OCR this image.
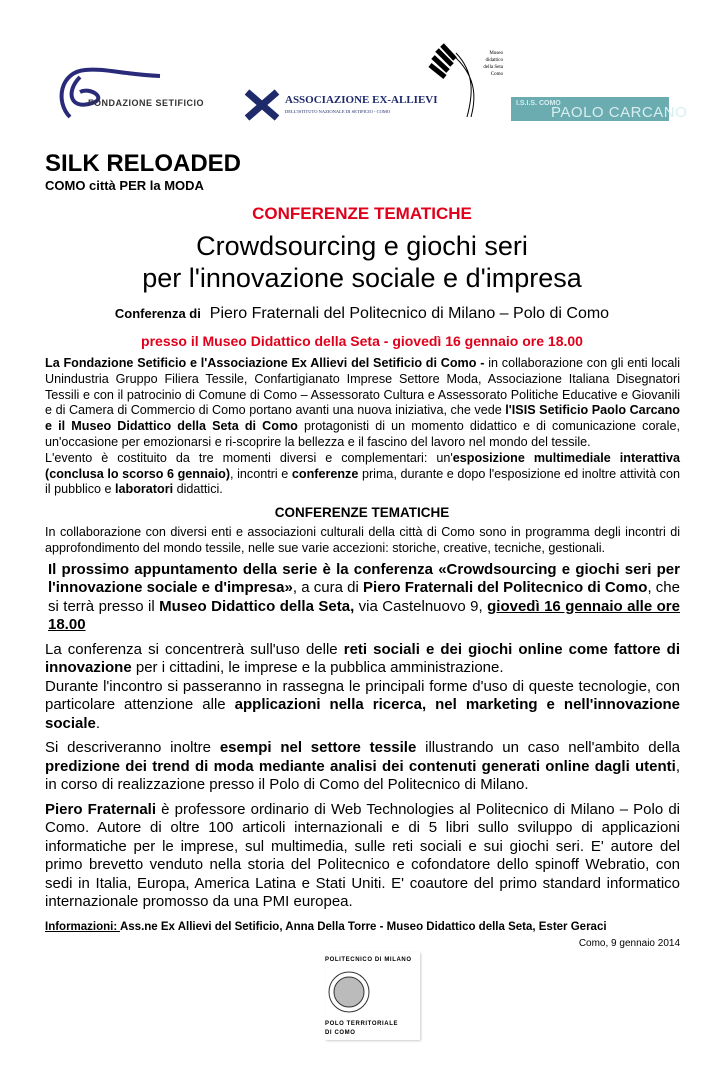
FONDAZIONE SETIFICIO	ASSOCIAZIONE EX-ALLIEVI
DELL'ISTITUTO NAZIONALE DI SETIFICIO - COMO
Museo didattico della Seta Como
I.S.I.S. COMO
PAOLO CARCANO
SILK RELOADED
COMO città PER la MODA
CONFERENZE TEMATICHE
Crowdsourcing e giochi seri
per l'innovazione sociale e d'impresa
Conferenza di Piero Fraternali del Politecnico di Milano – Polo di Como
presso il Museo Didattico della Seta - giovedì 16 gennaio ore 18.00
La Fondazione Setificio e l'Associazione Ex Allievi del Setificio di Como - in collaborazione con gli enti locali Unindustria Gruppo Filiera Tessile, Confartigianato Imprese Settore Moda, Associazione Italiana Disegnatori Tessili e con il patrocinio di Comune di Como – Assessorato Cultura e Assessorato Politiche Educative e Giovanili e di Camera di Commercio di Como portano avanti una nuova iniziativa, che vede l'ISIS Setificio Paolo Carcano e il Museo Didattico della Seta di Como protagonisti di un momento didattico e di comunicazione corale, un'occasione per emozionarsi e ri-scoprire la bellezza e il fascino del lavoro nel mondo del tessile.
L'evento è costituito da tre momenti diversi e complementari: un'esposizione multimediale interattiva (conclusa lo scorso 6 gennaio), incontri e conferenze prima, durante e dopo l'esposizione ed inoltre attività con il pubblico e laboratori didattici.
CONFERENZE TEMATICHE
In collaborazione con diversi enti e associazioni culturali della città di Como sono in programma degli incontri di approfondimento del mondo tessile, nelle sue varie accezioni: storiche, creative, tecniche, gestionali.
Il prossimo appuntamento della serie è la conferenza «Crowdsourcing e giochi seri per l'innovazione sociale e d'impresa», a cura di Piero Fraternali del Politecnico di Como, che si terrà presso il Museo Didattico della Seta, via Castelnuovo 9, giovedì 16 gennaio alle ore 18.00
La conferenza si concentrerà sull'uso delle reti sociali e dei giochi online come fattore di innovazione per i cittadini, le imprese e la pubblica amministrazione.
Durante l'incontro si passeranno in rassegna le principali forme d'uso di queste tecnologie, con particolare attenzione alle applicazioni nella ricerca, nel marketing e nell'innovazione sociale.
Si descriveranno inoltre esempi nel settore tessile illustrando un caso nell'ambito della predizione dei trend di moda mediante analisi dei contenuti generati online dagli utenti, in corso di realizzazione presso il Polo di Como del Politecnico di Milano.
Piero Fraternali è professore ordinario di Web Technologies al Politecnico di Milano – Polo di Como. Autore di oltre 100 articoli internazionali e di 5 libri sullo sviluppo di applicazioni informatiche per le imprese, sul multimedia, sulle reti sociali e sui giochi seri. E' autore del primo brevetto venduto nella storia del Politecnico e cofondatore dello spinoff Webratio, con sedi in Italia, Europa, America Latina e Stati Uniti. E' coautore del primo standard informatico internazionale promosso da una PMI europea.
Informazioni: Ass.ne Ex Allievi del Setificio, Anna Della Torre - Museo Didattico della Seta, Ester Geraci
Como, 9 gennaio 2014
POLITECNICO DI MILANO
POLO TERRITORIALE
DI COMO
